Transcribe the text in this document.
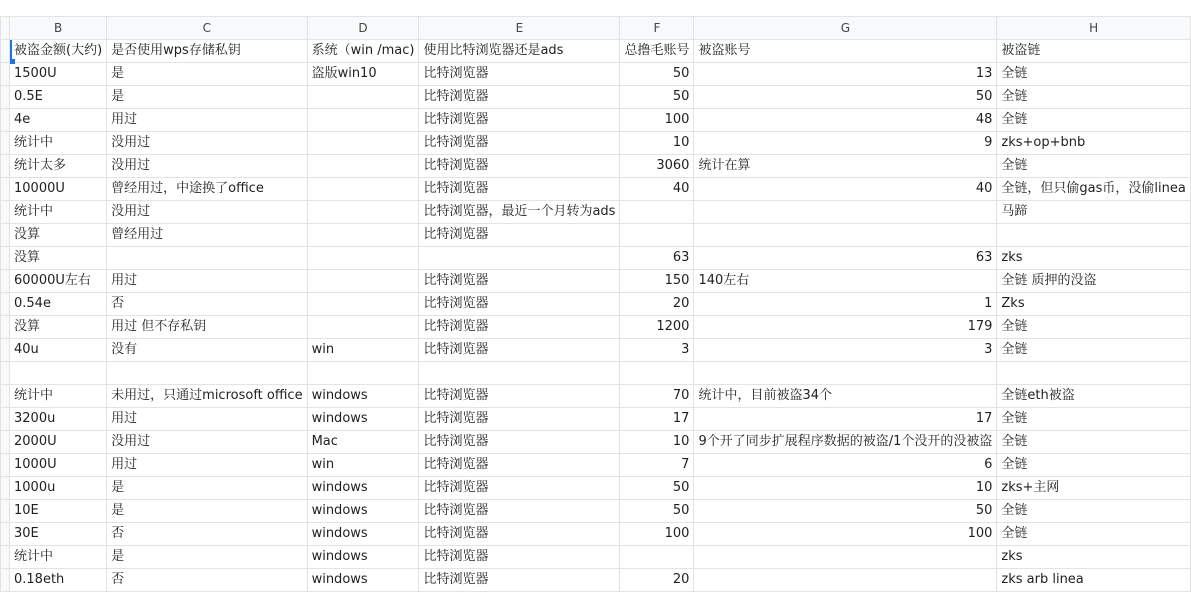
	B	C	D	E	F	G	H
	被盗金额(大约)	是否使用wps存储私钥	系统（win /mac)	使用比特浏览器还是ads	总撸毛账号	被盗账号	被盗链
	1500U	是	盗版win10	比特浏览器	50	13	全链
	0.5E	是		比特浏览器	50	50	全链
	4e	用过		比特浏览器	100	48	全链
	统计中	没用过		比特浏览器	10	9	zks+op+bnb
	统计太多	没用过		比特浏览器	3060	统计在算	全链
	10000U	曾经用过，中途换了office		比特浏览器	40	40	全链，但只偷gas币，没偷linea
	统计中	没用过		比特浏览器，最近一个月转为ads			马蹄
	没算	曾经用过		比特浏览器			
	没算				63	63	zks
	60000U左右	用过		比特浏览器	150	140左右	全链 质押的没盗
	0.54e	否		比特浏览器	20	1	Zks
	没算	用过 但不存私钥		比特浏览器	1200	179	全链
	40u	没有	win	比特浏览器	3	3	全链

	统计中	未用过，只通过microsoft office	windows	比特浏览器	70	统计中，目前被盗34个	全链eth被盗
	3200u	用过	windows	比特浏览器	17	17	全链
	2000U	没用过	Mac	比特浏览器	10	9个开了同步扩展程序数据的被盗/1个没开的没被盗	全链
	1000U	用过	win	比特浏览器	7	6	全链
	1000u	是	windows	比特浏览器	50	10	zks+主网
	10E	是	windows	比特浏览器	50	50	全链
	30E	否	windows	比特浏览器	100	100	全链
	统计中	是	windows	比特浏览器			zks
	0.18eth	否	windows	比特浏览器	20		zks arb linea
